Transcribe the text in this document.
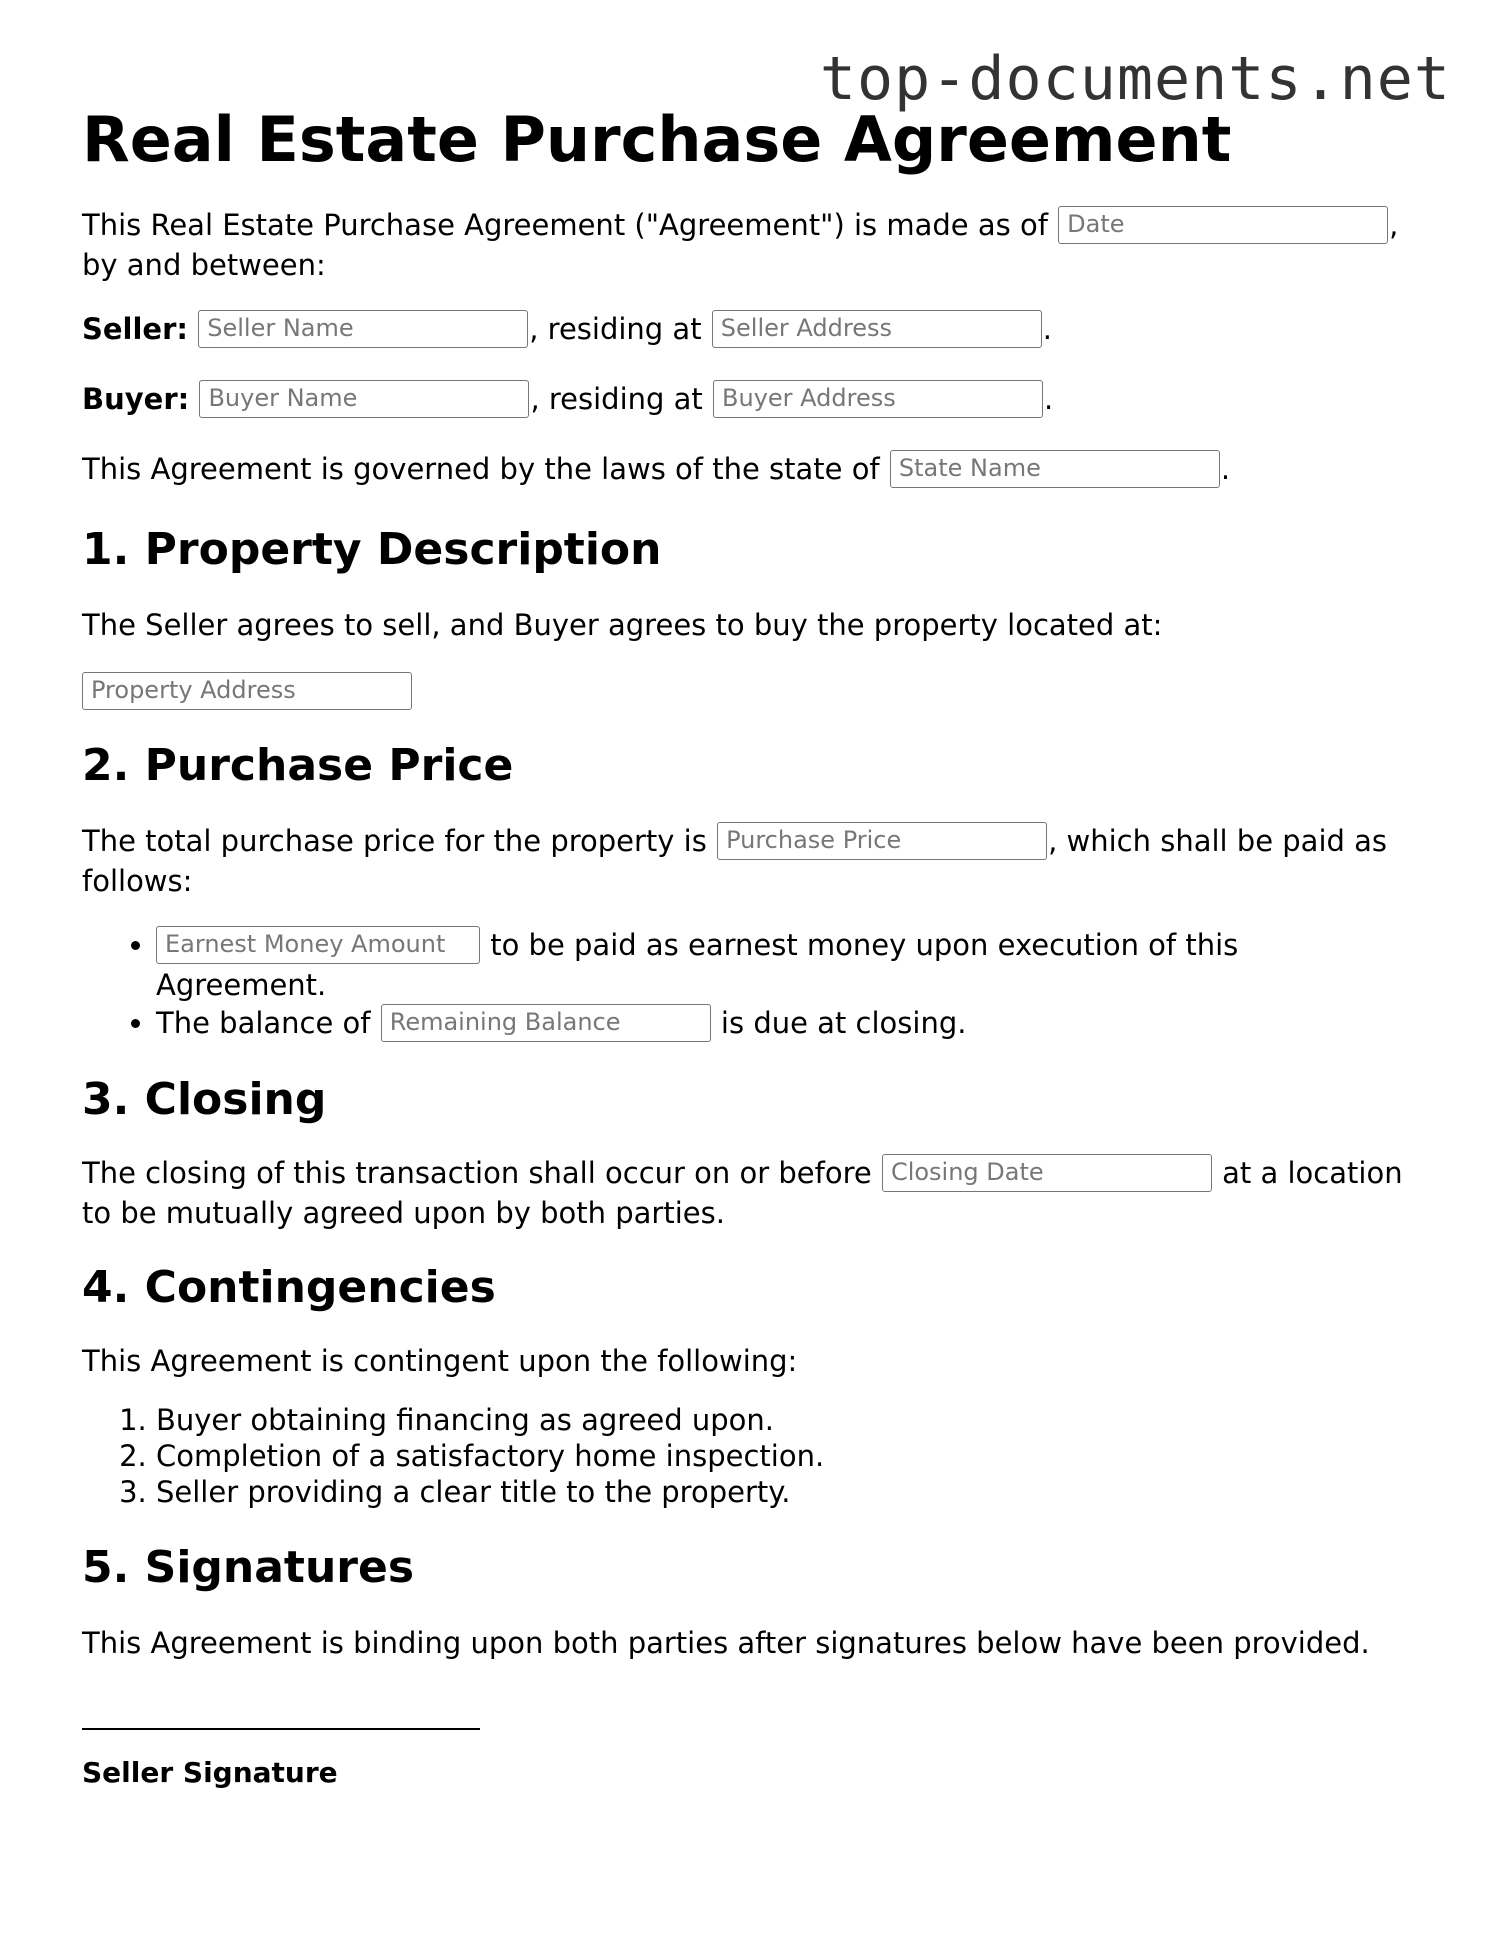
top-documents.net
Real Estate Purchase Agreement

This Real Estate Purchase Agreement ("Agreement") is made as of Date	,
by and between:

Seller: Seller Name	, residing at Seller Address	.

Buyer: Buyer Name	, residing at Buyer Address	.

This Agreement is governed by the laws of the state of State Name	.

1. Property Description

The Seller agrees to sell, and Buyer agrees to buy the property located at:

Property Address

2. Purchase Price

The total purchase price for the property is Purchase Price	, which shall be paid as
follows:

• Earnest Money Amount to be paid as earnest money upon execution of this
Agreement.
• The balance of Remaining Balance	is due at closing.
3. Closing

The closing of this transaction shall occur on or before Closing Date	at a location
to be mutually agreed upon by both parties.

4. Contingencies

This Agreement is contingent upon the following:

1. Buyer obtaining financing as agreed upon.
2. Completion of a satisfactory home inspection.
3. Seller providing a clear title to the property.
5. Signatures

This Agreement is binding upon both parties after signatures below have been provided.

Seller Signature
